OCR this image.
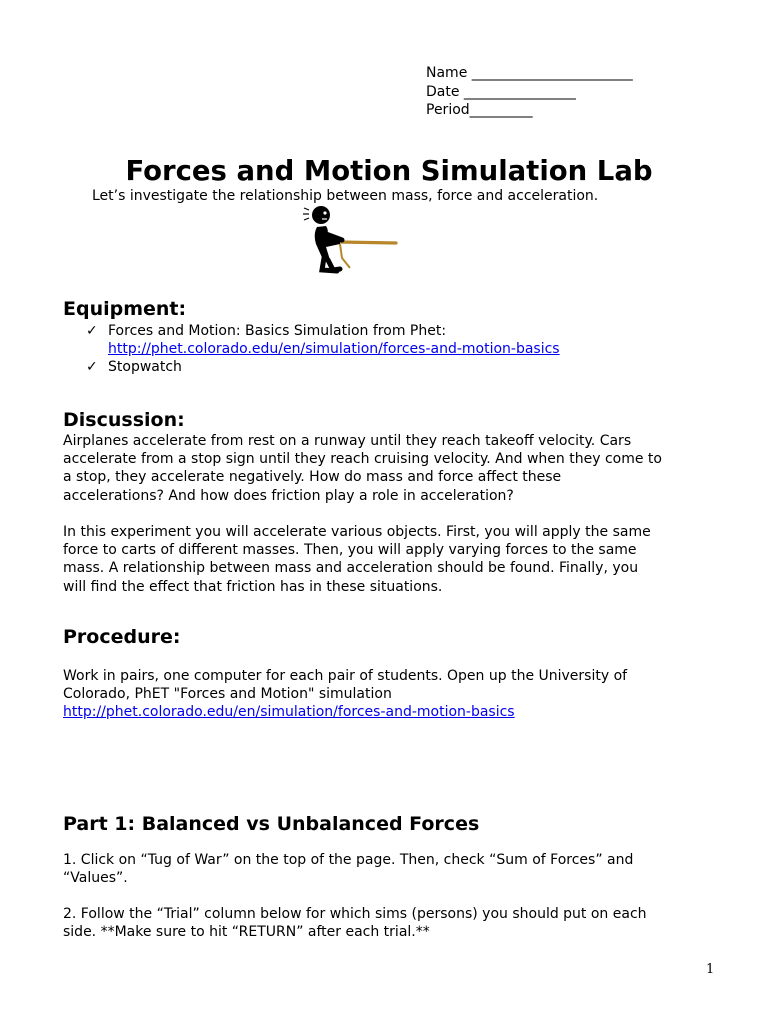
Name _______________________
Date ________________
Period_________
Forces and Motion Simulation Lab
Let’s investigate the relationship between mass, force and acceleration.
Equipment:
✓ Forces and Motion: Basics Simulation from Phet:
http://phet.colorado.edu/en/simulation/forces-and-motion-basics
✓ Stopwatch
Discussion:
Airplanes accelerate from rest on a runway until they reach takeoff velocity. Cars
accelerate from a stop sign until they reach cruising velocity. And when they come to
a stop, they accelerate negatively. How do mass and force affect these
accelerations? And how does friction play a role in acceleration?
In this experiment you will accelerate various objects. First, you will apply the same
force to carts of different masses. Then, you will apply varying forces to the same
mass. A relationship between mass and acceleration should be found. Finally, you
will find the effect that friction has in these situations.
Procedure:
Work in pairs, one computer for each pair of students. Open up the University of
Colorado, PhET "Forces and Motion" simulation
http://phet.colorado.edu/en/simulation/forces-and-motion-basics
Part 1: Balanced vs Unbalanced Forces
1. Click on “Tug of War” on the top of the page. Then, check “Sum of Forces” and
“Values”.
2. Follow the “Trial” column below for which sims (persons) you should put on each
side. **Make sure to hit “RETURN” after each trial.**
1
